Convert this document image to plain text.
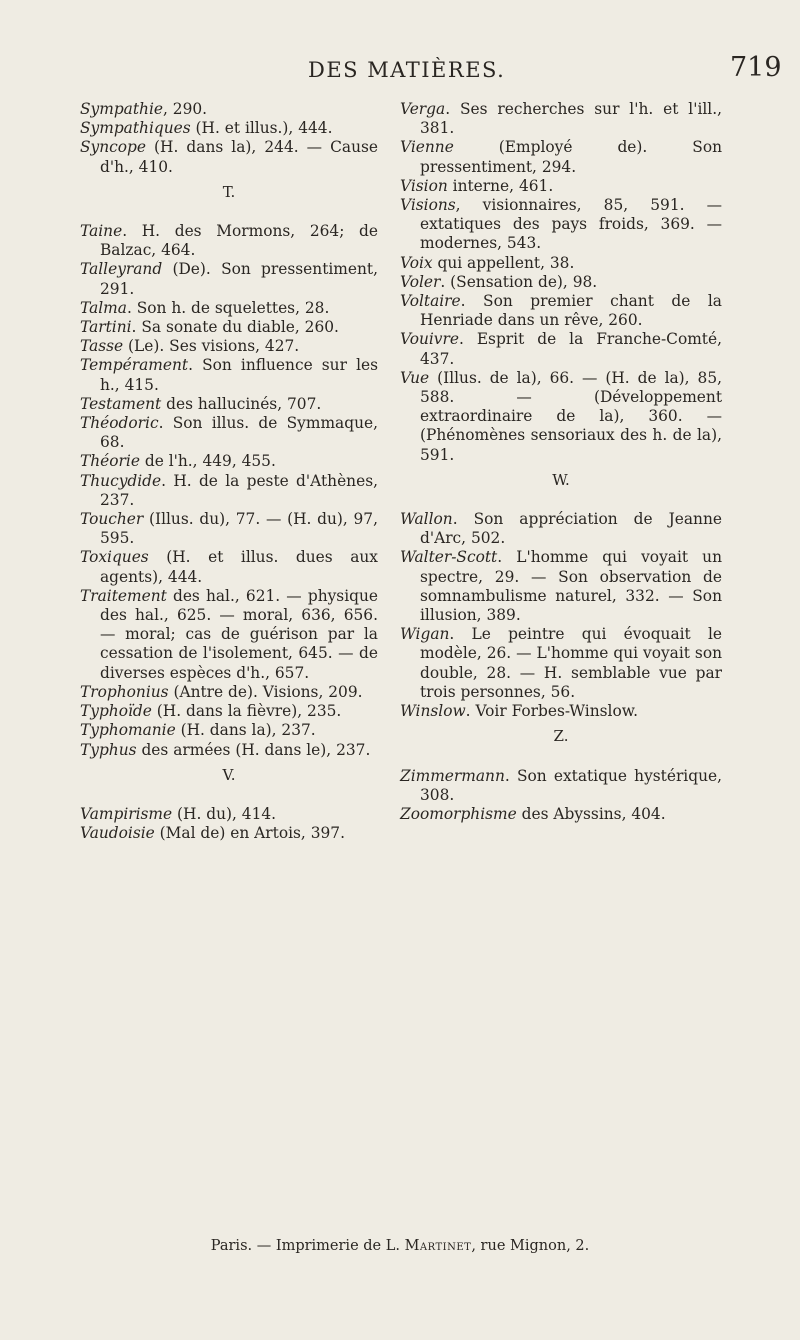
DES MATIÈRES.	719
Sympathie, 290.
Sympathiques (H. et illus.), 444.
Syncope (H. dans la), 244. — Cause d'h., 410.
T.
Taine. H. des Mormons, 264; de Balzac, 464.
Talleyrand (De). Son pressentiment, 291.
Talma. Son h. de squelettes, 28.
Tartini. Sa sonate du diable, 260.
Tasse (Le). Ses visions, 427.
Tempérament. Son influence sur les h., 415.
Testament des hallucinés, 707.
Théodoric. Son illus. de Symmaque, 68.
Théorie de l'h., 449, 455.
Thucydide. H. de la peste d'Athènes, 237.
Toucher (Illus. du), 77. — (H. du), 97, 595.
Toxiques (H. et illus. dues aux agents), 444.
Traitement des hal., 621. — physique des hal., 625. — moral, 636, 656. — moral; cas de guérison par la cessation de l'isolement, 645. — de diverses espèces d'h., 657.
Trophonius (Antre de). Visions, 209.
Typhoïde (H. dans la fièvre), 235.
Typhomanie (H. dans la), 237.
Typhus des armées (H. dans le), 237.
V.
Vampirisme (H. du), 414.
Vaudoisie (Mal de) en Artois, 397.
Verga. Ses recherches sur l'h. et l'ill., 381.
Vienne (Employé de). Son pressentiment, 294.
Vision interne, 461.
Visions, visionnaires, 85, 591. — extatiques des pays froids, 369. — modernes, 543.
Voix qui appellent, 38.
Voler. (Sensation de), 98.
Voltaire. Son premier chant de la Henriade dans un rêve, 260.
Vouivre. Esprit de la Franche-Comté, 437.
Vue (Illus. de la), 66. — (H. de la), 85, 588. — (Développement extraordinaire de la), 360. — (Phénomènes sensoriaux des h. de la), 591.
W.
Wallon. Son appréciation de Jeanne d'Arc, 502.
Walter-Scott. L'homme qui voyait un spectre, 29. — Son observation de somnambulisme naturel, 332. — Son illusion, 389.
Wigan. Le peintre qui évoquait le modèle, 26. — L'homme qui voyait son double, 28. — H. semblable vue par trois personnes, 56.
Winslow. Voir Forbes-Winslow.
Z.
Zimmermann. Son extatique hystérique, 308.
Zoomorphisme des Abyssins, 404.
Paris. — Imprimerie de L. Martinet, rue Mignon, 2.
